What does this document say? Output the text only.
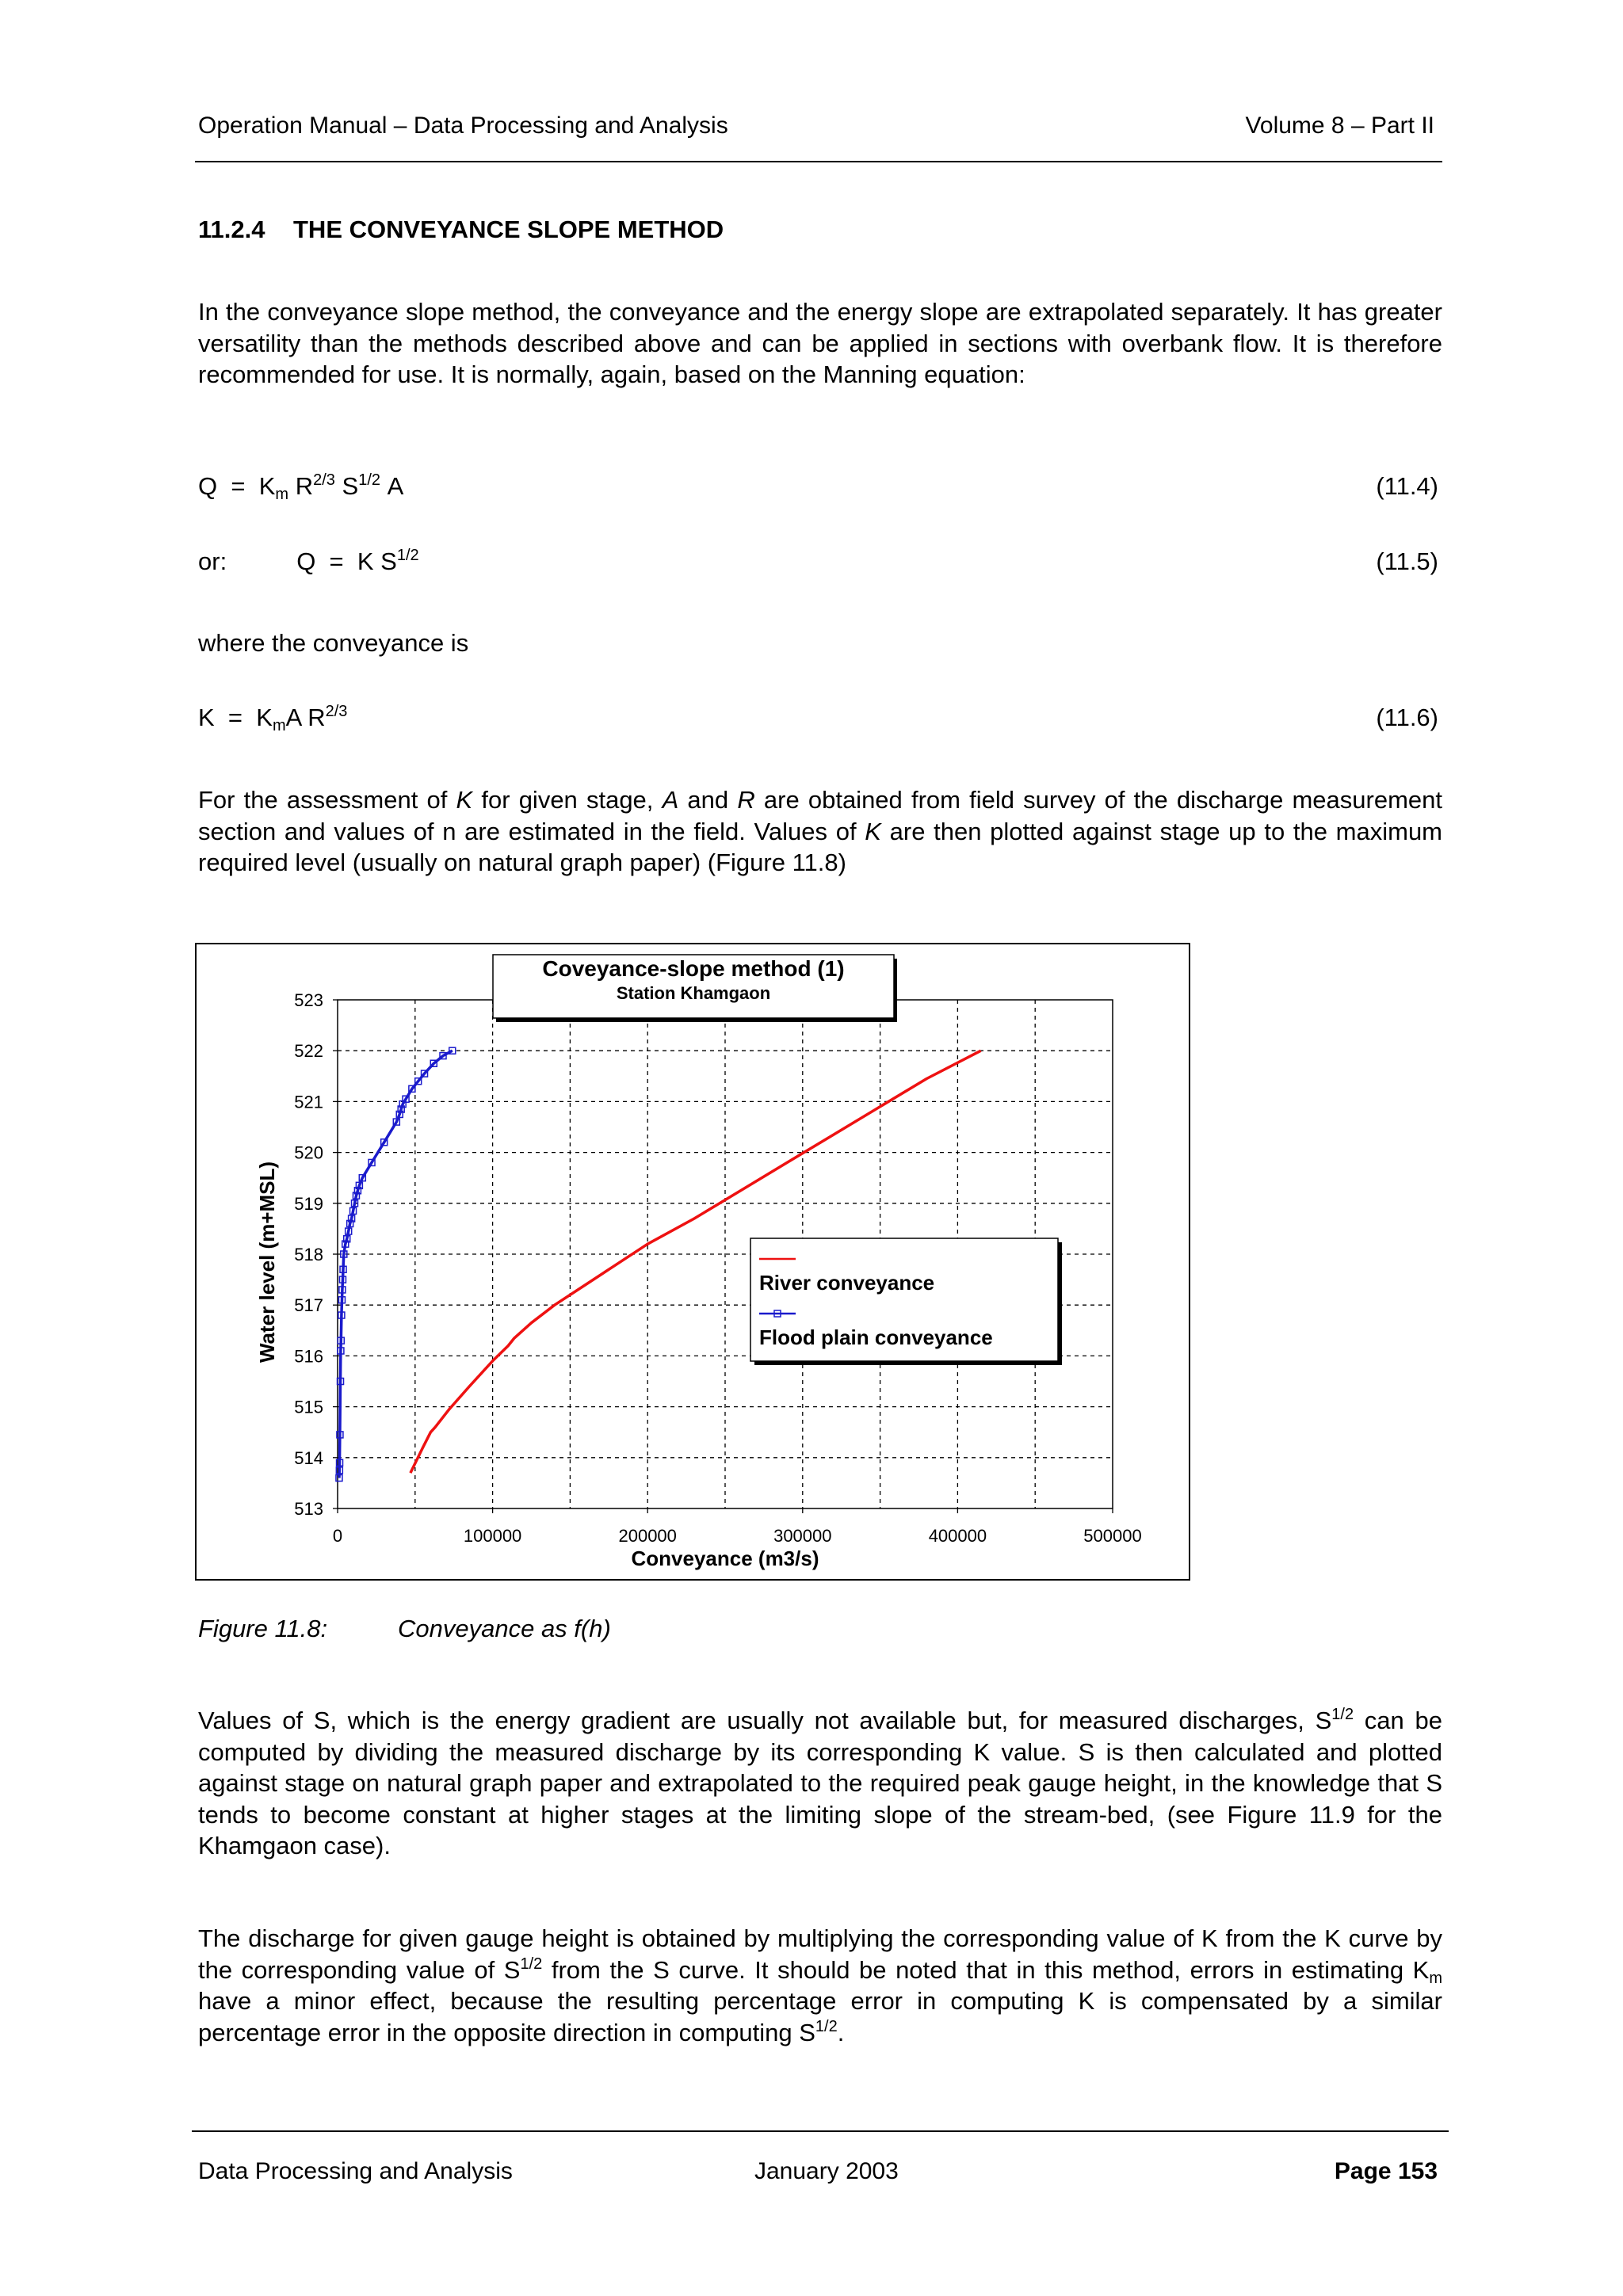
Operation Manual – Data Processing and Analysis	Volume 8 – Part II
11.2.4 THE CONVEYANCE SLOPE METHOD
In the conveyance slope method, the conveyance and the energy slope are extrapolated separately. It has greater versatility than the methods described above and can be applied in sections with overbank flow. It is therefore recommended for use. It is normally, again, based on the Manning equation:
$Q = K_m$ $R^{2/3}$ $S^{1/2}$ A	(11.4)
or:	Q = K $S^{1/2}$	(11.5)
where the conveyance is
$K = K_mA$ $R^{2/3}$	(11.6)
For the assessment of K for given stage, A and R are obtained from field survey of the discharge measurement section and values of n are estimated in the field. Values of K are then plotted against stage up to the maximum required level (usually on natural graph paper) (Figure 11.8)
513
514
515
516
517
518
519
520
521
522
523
0	100000	200000	300000	400000	500000
Coveyance-slope method (1)
Station Khamgaon
Conveyance (m3/s)
Water level (m+MSL)	River conveyance
Flood plain conveyance
Figure 11.8:	Conveyance as f(h)
Values of S, which is the energy gradient are usually not available but, for measured discharges, $S^{1/2}$ can be computed by dividing the measured discharge by its corresponding K value. S is then calculated and plotted against stage on natural graph paper and extrapolated to the required peak gauge height, in the knowledge that S tends to become constant at higher stages at the limiting slope of the stream-bed, (see Figure 11.9 for the Khamgaon case).
The discharge for given gauge height is obtained by multiplying the corresponding value of K from the K curve by the corresponding value of $S^{1/2}$ from the S curve. It should be noted that in this method, errors in estimating $K_m$ have a minor effect, because the resulting percentage error in computing K is compensated by a similar percentage error in the opposite direction in computing $S^{1/2}$.
Data Processing and Analysis	January 2003	Page 153
